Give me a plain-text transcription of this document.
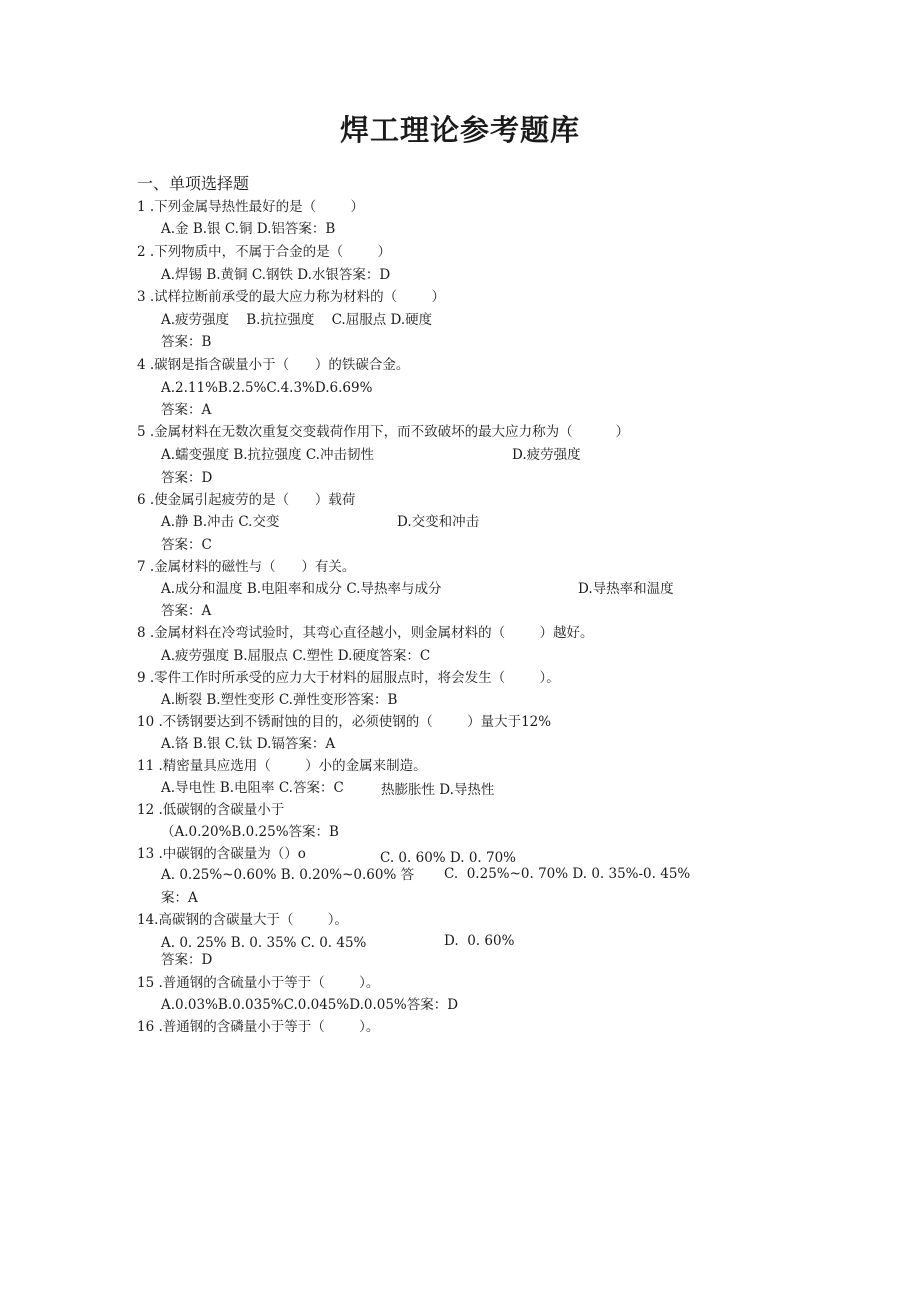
焊工理论参考题库
一、单项选择题
1 .下列金属导热性最好的是（        ）
A.金 B.银 C.铜 D.铝答案：B
2 .下列物质中，不属于合金的是（        ）
A.焊锡 B.黄铜 C.钢铁 D.水银答案：D
3 .试样拉断前承受的最大应力称为材料的（        ）
A.疲劳强度    B.抗拉强度    C.屈服点 D.硬度
答案：B
4 .碳钢是指含碳量小于（      ）的铁碳合金。
A.2.11%B.2.5%C.4.3%D.6.69%
答案：A
5 .金属材料在无数次重复交变载荷作用下，而不致破坏的最大应力称为（          ）
A.蠕变强度 B.抗拉强度 C.冲击韧性	D.疲劳强度
答案：D
6 .使金属引起疲劳的是（      ）载荷
A.静 B.冲击 C.交变	D.交变和冲击
答案：C
7 .金属材料的磁性与（      ）有关。
A.成分和温度 B.电阻率和成分 C.导热率与成分	D.导热率和温度
答案：A
8 .金属材料在冷弯试验时，其弯心直径越小，则金属材料的（        ）越好。
A.疲劳强度 B.屈服点 C.塑性 D.硬度答案：C
9 .零件工作时所承受的应力大于材料的屈服点时，将会发生（        ）。
A.断裂 B.塑性变形 C.弹性变形答案：B
10 .不锈钢要达到不锈耐蚀的目的，必须使钢的（        ）量大于12%
A.铬 B.银 C.钛 D.镉答案：A
11 .精密量具应选用（        ）小的金属来制造。
A.导电性 B.电阻率 C.答案：C	热膨胀性 D.导热性
12 .低碳钢的含碳量小于
（A.0.20%B.0.25%答案：B
13 .中碳钢的含碳量为（）o	C. 0. 60% D. 0. 70%
A. 0.25%~0.60% B. 0.20%~0.60% 答 C.  0.25%~0. 70% D. 0. 35%-0. 45%
案：A
14.高碳钢的含碳量大于（        ）。
A. 0. 25% B. 0. 35% C. 0. 45%	D.  0. 60%
答案：D
15 .普通钢的含硫量小于等于（        ）。
A.0.03%B.0.035%C.0.045%D.0.05%答案：D
16 .普通钢的含磷量小于等于（        ）。
